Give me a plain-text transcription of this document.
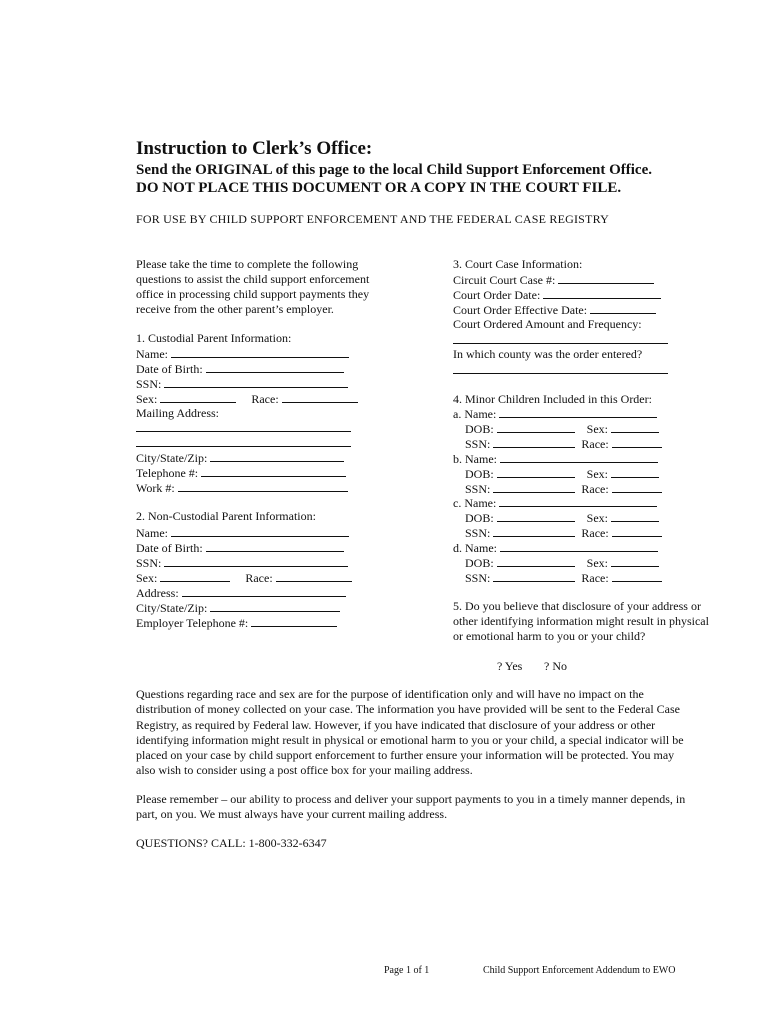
Instruction to Clerk’s Office:
Send the ORIGINAL of this page to the local Child Support Enforcement Office.
DO NOT PLACE THIS DOCUMENT OR A COPY IN THE COURT FILE.
FOR USE BY CHILD SUPPORT ENFORCEMENT AND THE FEDERAL CASE REGISTRY
Please take the time to complete the following
questions to assist the child support enforcement
office in processing child support payments they
receive from the other parent’s employer.
1. Custodial Parent Information:
Name:
Date of Birth:
SSN:
Sex:	Race:
Mailing Address:
City/State/Zip:
Telephone #:
Work #:
2. Non-Custodial Parent Information:
Name:
Date of Birth:
SSN:
Sex:	Race:
Address:
City/State/Zip:
Employer Telephone #:
3. Court Case Information:
Circuit Court Case #:
Court Order Date:
Court Order Effective Date:
Court Ordered Amount and Frequency:
In which county was the order entered?
4. Minor Children Included in this Order:
a. Name:
DOB:	Sex:
SSN:	Race:
b. Name:
DOB:	Sex:
SSN:	Race:
c. Name:
DOB:	Sex:
SSN:	Race:
d. Name:
DOB:	Sex:
SSN:	Race:
5. Do you believe that disclosure of your address or
other identifying information might result in physical
or emotional harm to you or your child?
? Yes ? No
Questions regarding race and sex are for the purpose of identification only and will have no impact on the
distribution of money collected on your case. The information you have provided will be sent to the Federal Case
Registry, as required by Federal law. However, if you have indicated that disclosure of your address or other
identifying information might result in physical or emotional harm to you or your child, a special indicator will be
placed on your case by child support enforcement to further ensure your information will be protected. You may
also wish to consider using a post office box for your mailing address.
Please remember – our ability to process and deliver your support payments to you in a timely manner depends, in
part, on you. We must always have your current mailing address.
QUESTIONS? CALL: 1-800-332-6347
Page 1 of 1	Child Support Enforcement Addendum to EWO
